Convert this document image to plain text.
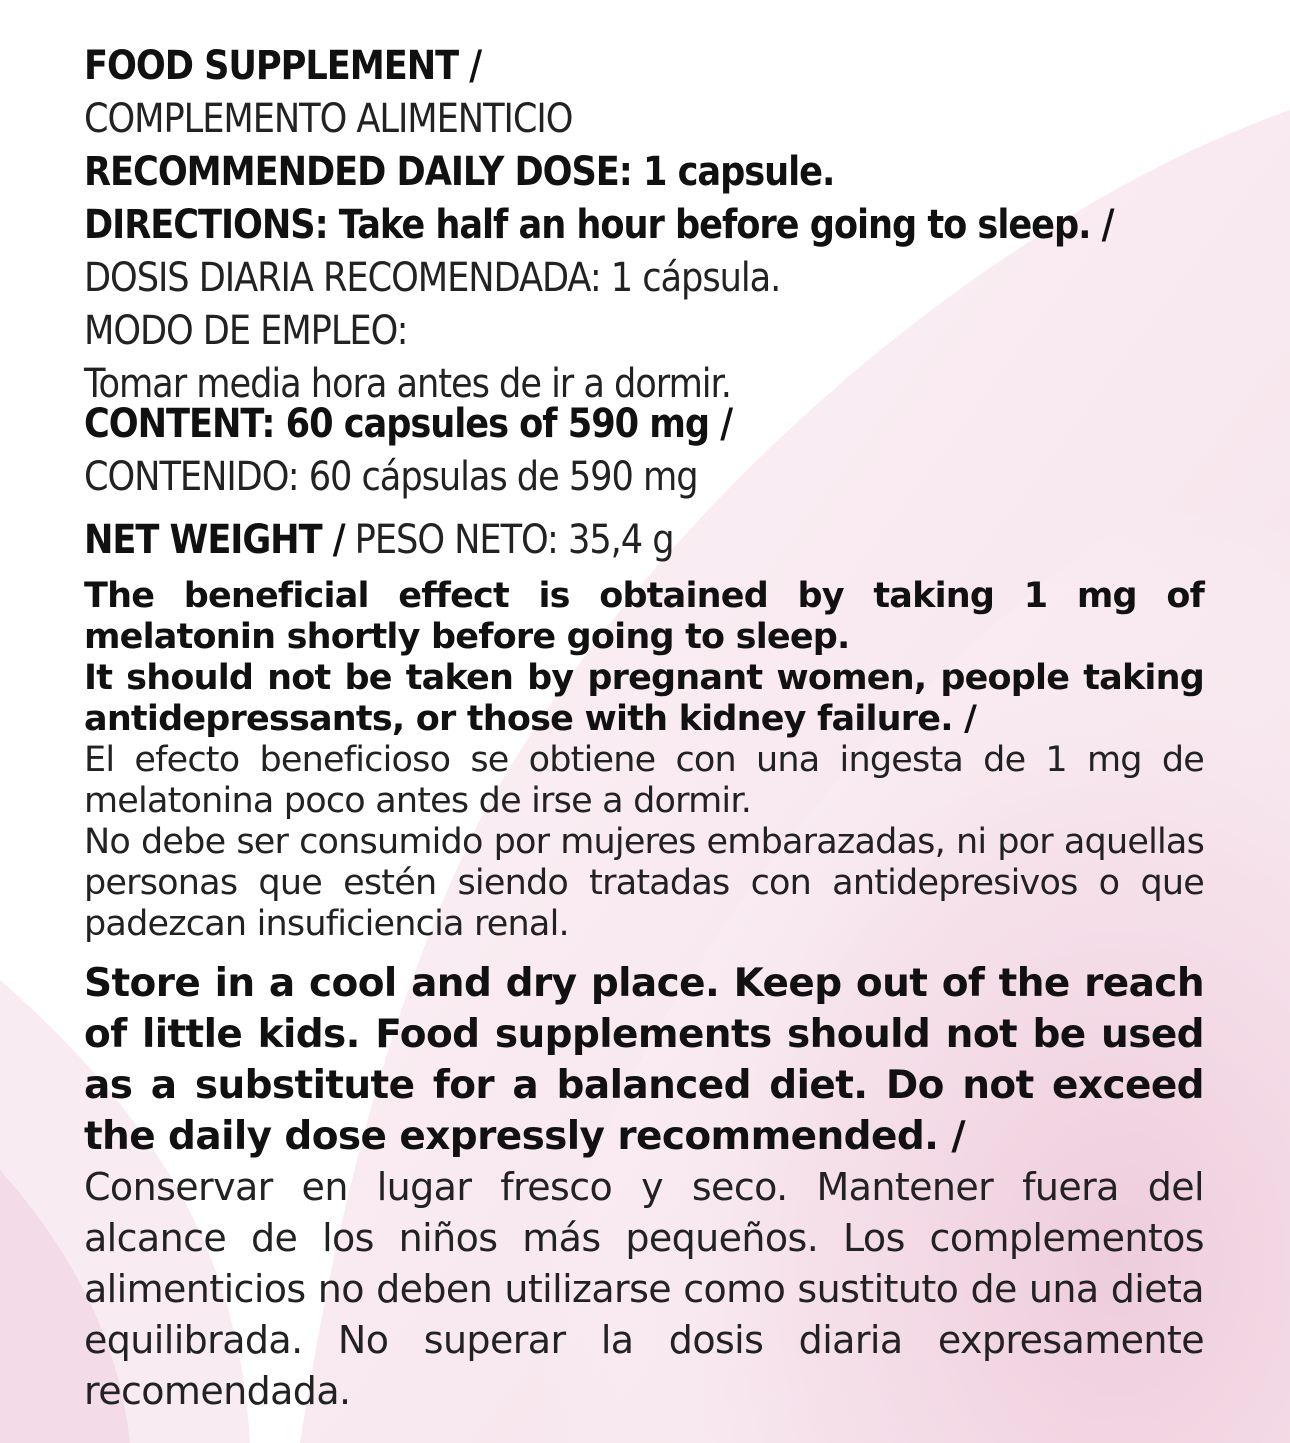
FOOD SUPPLEMENT /
COMPLEMENTO ALIMENTICIO
RECOMMENDED DAILY DOSE: 1 capsule.
DIRECTIONS: Take half an hour before going to sleep. /
DOSIS DIARIA RECOMENDADA: 1 cápsula.
MODO DE EMPLEO:
Tomar media hora antes de ir a dormir.
CONTENT: 60 capsules of 590 mg /
CONTENIDO: 60 cápsulas de 590 mg
NET WEIGHT / PESO NETO: 35,4 g

The beneficial effect is obtained by taking 1 mg of melatonin shortly before going to sleep.

It should not be taken by pregnant women, people taking antidepressants, or those with kidney failure. /

El efecto beneficioso se obtiene con una ingesta de 1 mg de melatonina poco antes de irse a dormir.

No debe ser consumido por mujeres embarazadas, ni por aquellas personas que estén siendo tratadas con antidepresivos o que padezcan insuficiencia renal.

Store in a cool and dry place. Keep out of the reach of little kids. Food supplements should not be used as a substitute for a balanced diet. Do not exceed the daily dose expressly recommended. /

Conservar en lugar fresco y seco. Mantener fuera del alcance de los niños más pequeños. Los complementos alimenticios no deben utilizarse como sustituto de una dieta equilibrada. No superar la dosis diaria expresamente recomendada.
